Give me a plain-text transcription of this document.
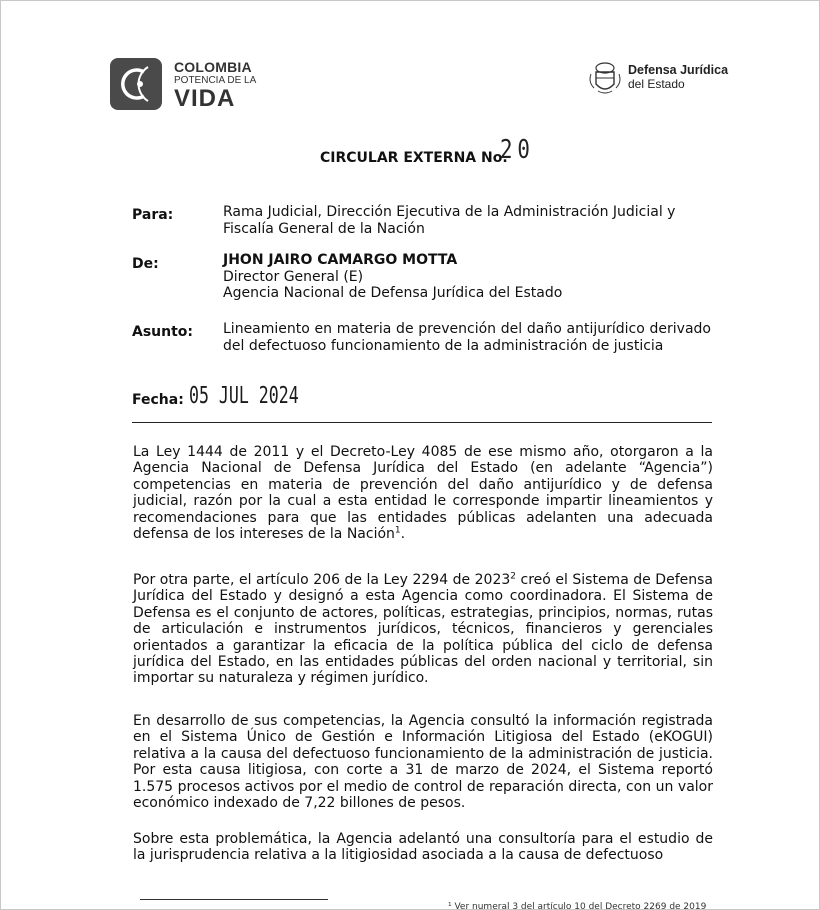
COLOMBIA
POTENCIA DE LA
VIDA
Defensa Jurídica
del Estado
CIRCULAR EXTERNA No.
20
Para:	Rama Judicial, Dirección Ejecutiva de la Administración Judicial y
Fiscalía General de la Nación
De:	JHON JAIRO CAMARGO MOTTA
Director General (E)
Agencia Nacional de Defensa Jurídica del Estado
Asunto: Lineamiento en materia de prevención del daño antijurídico derivado del defectuoso funcionamiento de la administración de justicia
Fecha: 05 JUL 2024
La Ley 1444 de 2011 y el Decreto-Ley 4085 de ese mismo año, otorgaron a la Agencia Nacional de Defensa Jurídica del Estado (en adelante “Agencia”) competencias en materia de prevención del daño antijurídico y de defensa judicial, razón por la cual a esta entidad le corresponde impartir lineamientos y recomendaciones para que las entidades públicas adelanten una adecuada defensa de los intereses de la Nación$^1$.
Por otra parte, el artículo 206 de la Ley 2294 de 2023$^2$ creó el Sistema de Defensa Jurídica del Estado y designó a esta Agencia como coordinadora. El Sistema de Defensa es el conjunto de actores, políticas, estrategias, principios, normas, rutas de articulación e instrumentos jurídicos, técnicos, financieros y gerenciales orientados a garantizar la eficacia de la política pública del ciclo de defensa jurídica del Estado, en las entidades públicas del orden nacional y territorial, sin importar su naturaleza y régimen jurídico.
En desarrollo de sus competencias, la Agencia consultó la información registrada en el Sistema Único de Gestión e Información Litigiosa del Estado (eKOGUI) relativa a la causa del defectuoso funcionamiento de la administración de justicia. Por esta causa litigiosa, con corte a 31 de marzo de 2024, el Sistema reportó 1.575 procesos activos por el medio de control de reparación directa, con un valor económico indexado de 7,22 billones de pesos.
Sobre esta problemática, la Agencia adelantó una consultoría para el estudio de la jurisprudencia relativa a la litigiosidad asociada a la causa de defectuoso
¹ Ver numeral 3 del artículo 10 del Decreto 2269 de 2019
